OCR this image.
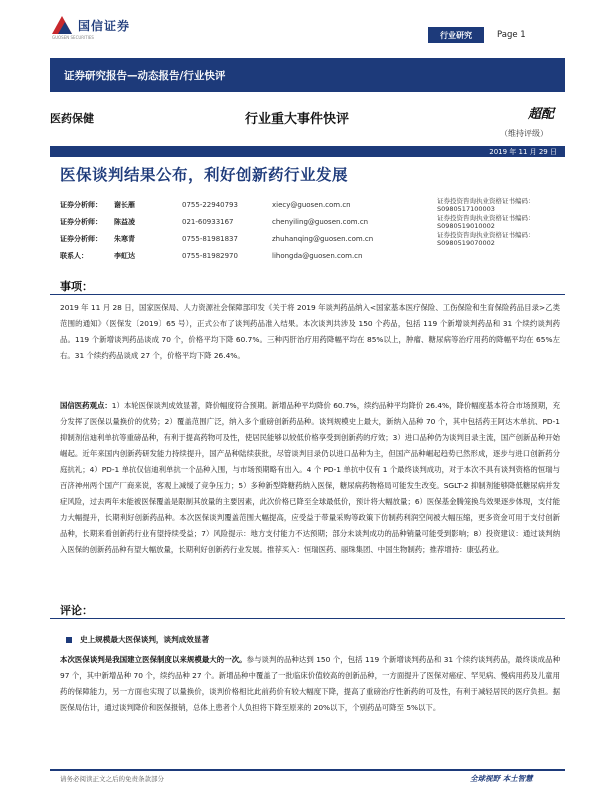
国信证券
GUOSEN SECURITIES	行业研究	Page 1
证券研究报告—动态报告/行业快评
医药保健	行业重大事件快评	超配
（维持评级）
2019 年 11 月 29 日
医保谈判结果公布，利好创新药行业发展
证券分析师：	谢长雁	0755-22940793	xiecy@guosen.com.cn	证券投资咨询执业资格证书编码： S0980517100003
证券分析师：	陈益凌	021-60933167	chenyiling@guosen.com.cn	证券投资咨询执业资格证书编码： S0980519010002
证券分析师：	朱寒青	0755-81981837	zhuhanqing@guosen.com.cn	证券投资咨询执业资格证书编码： S0980519070002
联系人：	李虹达	0755-81982970	lihongda@guosen.com.cn
事项：
2019 年 11 月 28 日，国家医保局、人力资源社会保障部印发《关于将 2019 年谈判药品纳入<国家基本医疗保险、工伤保险和生育保险药品目录>乙类范围的通知》（医保发〔2019〕65 号），正式公布了谈判药品准入结果。本次谈判共涉及 150 个药品，包括 119 个新增谈判药品和 31 个续约谈判药品。119 个新增谈判药品谈成 70 个，价格平均下降 60.7%。三种丙肝治疗用药降幅平均在 85%以上，肿瘤、糖尿病等治疗用药的降幅平均在 65%左右。31 个续约药品谈成 27 个，价格平均下降 26.4%。
国信医药观点：1）本轮医保谈判成效显著，降价幅度符合预期。新增品种平均降价 60.7%，续约品种平均降价 26.4%，降价幅度基本符合市场预期，充分发挥了医保以量换价的优势；2）覆盖范围广泛，纳入多个重磅创新药品种。谈判规模史上最大，新纳入品种 70 个，其中包括药王阿达木单抗、PD-1 抑制剂信迪利单抗等重磅品种，有利于提高药物可及性，使居民能够以较低价格享受到创新药的疗效；3）进口品种仍为谈判目录主流，国产创新品种开始崛起。近年来国内创新药研发能力持续提升，国产品种陆续获批，尽管谈判目录仍以进口品种为主，但国产品种崛起趋势已然形成，逐步与进口创新药分庭抗礼；4）PD-1 单抗仅信迪利单抗一个品种入围，与市场预期略有出入。4 个 PD-1 单抗中仅有 1 个最终谈判成功，对于本次不具有谈判资格的恒瑞与百济神州两个国产厂商来说，客观上减缓了竞争压力；5）多种新型降糖药纳入医保，糖尿病药物格局可能发生改变。SGLT-2 抑制剂能够降低糖尿病并发症风险，过去两年未能被医保覆盖是限制其放量的主要因素，此次价格已降至全球最低价，预计将大幅放量；6）医保基金腾笼换鸟效果逐步体现，支付能力大幅提升，长期利好创新药品种。本次医保谈判覆盖范围大幅提高，应受益于带量采购等政策下仿制药利润空间被大幅压缩，更多资金可用于支付创新品种，长期来看创新药行业有望持续受益；7）风险提示：地方支付能力不达预期；部分未谈判成功的品种销量可能受到影响；8）投资建议：通过谈判纳入医保的创新药品种有望大幅放量，长期利好创新药行业发展。推荐买入：恒瑞医药、丽珠集团、中国生物制药；推荐增持：康弘药业。
评论：
史上规模最大医保谈判，谈判成效显著
本次医保谈判是我国建立医保制度以来规模最大的一次。参与谈判的品种达到 150 个，包括 119 个新增谈判药品和 31 个续约谈判药品，最终谈成品种 97 个，其中新增品种 70 个，续约品种 27 个。新增品种中覆盖了一批临床价值较高的创新品种，一方面提升了医保对癌症、罕见病、慢病用药及儿童用药的保障能力，另一方面也实现了以量换价，谈判价格相比此前药价有较大幅度下降，提高了重磅治疗性新药的可及性，有利于减轻居民的医疗负担。据医保局估计，通过谈判降价和医保报销，总体上患者个人负担将下降至原来的 20%以下，个别药品可降至 5%以下。
请务必阅读正文之后的免责条款部分	全球视野 本土智慧
